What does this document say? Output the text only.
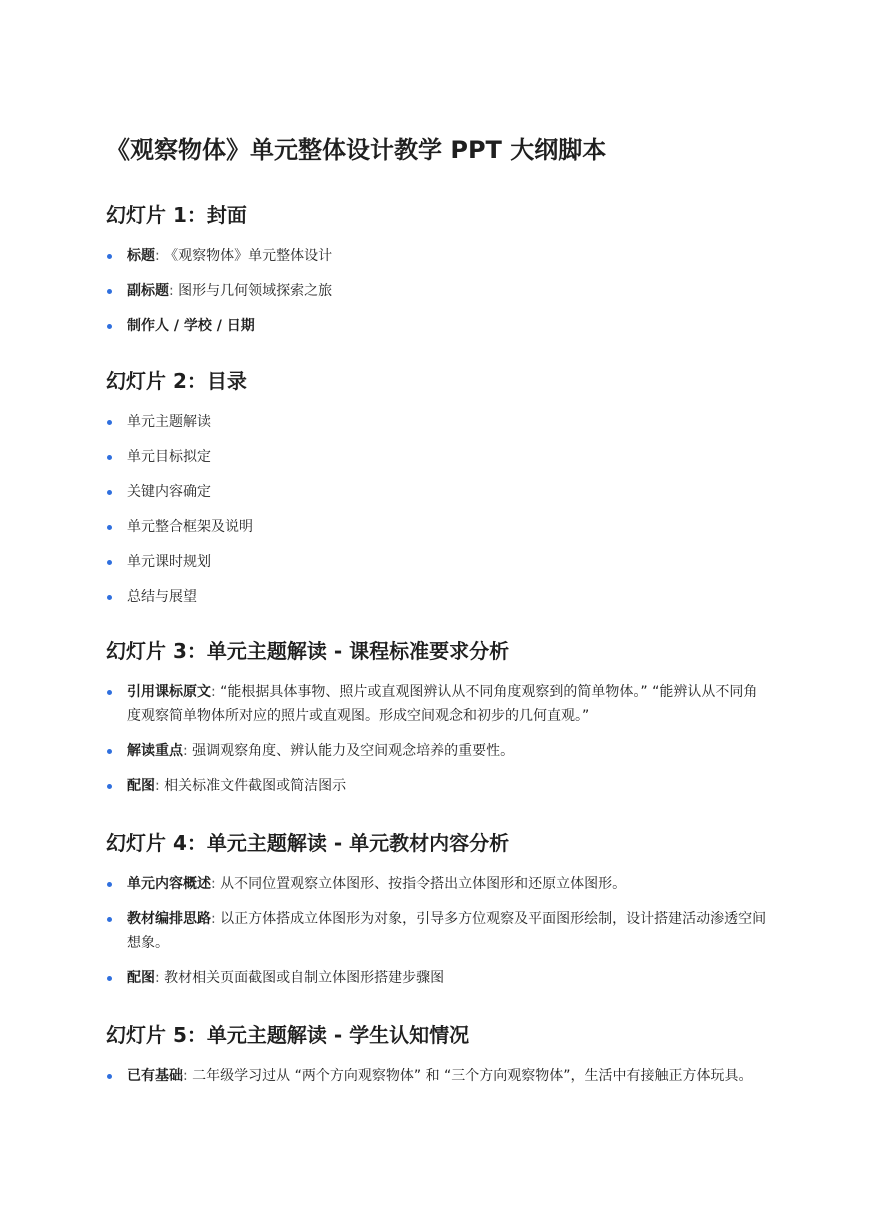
《观察物体》单元整体设计教学 PPT 大纲脚本
幻灯片 1：封面
标题: 《观察物体》单元整体设计
副标题: 图形与几何领域探索之旅
制作人 / 学校 / 日期
幻灯片 2：目录
单元主题解读
单元目标拟定
关键内容确定
单元整合框架及说明
单元课时规划
总结与展望
幻灯片 3：单元主题解读 - 课程标准要求分析
引用课标原文: “能根据具体事物、照片或直观图辨认从不同角度观察到的简单物体。” “能辨认从不同角度观察简单物体所对应的照片或直观图。形成空间观念和初步的几何直观。”
解读重点: 强调观察角度、辨认能力及空间观念培养的重要性。
配图: 相关标准文件截图或简洁图示
幻灯片 4：单元主题解读 - 单元教材内容分析
单元内容概述: 从不同位置观察立体图形、按指令搭出立体图形和还原立体图形。
教材编排思路: 以正方体搭成立体图形为对象，引导多方位观察及平面图形绘制，设计搭建活动渗透空间想象。
配图: 教材相关页面截图或自制立体图形搭建步骤图
幻灯片 5：单元主题解读 - 学生认知情况
已有基础: 二年级学习过从 “两个方向观察物体” 和 “三个方向观察物体”，生活中有接触正方体玩具。
